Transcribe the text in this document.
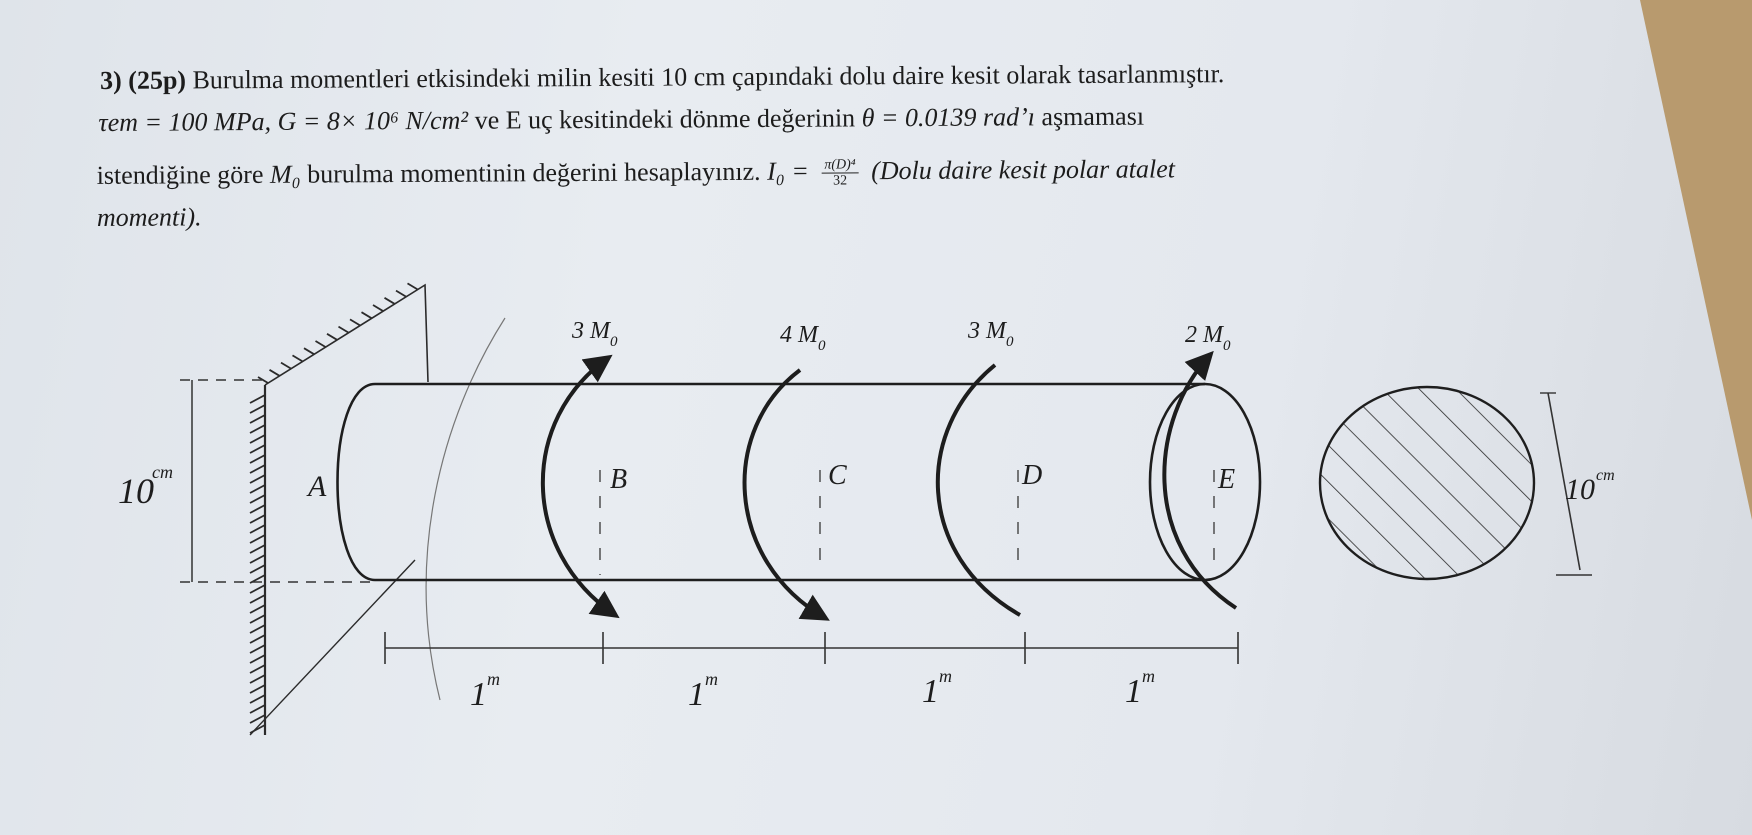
3) (25p) Burulma momentleri etkisindeki milin kesiti 10 cm çapındaki dolu daire kesit olarak tasarlanmıştır.
τem = 100 MPa, G = 8× 10⁶ N/cm² ve E uç kesitindeki dönme değerinin θ = 0.0139 rad’ı aşmaması
istendiğine göre M₀ burulma momentinin değerini hesaplayınız. $I_0 = \frac{\text{π(D)⁴}}{32}$ (Dolu daire kesit polar atalet
momenti).
10
cm	A	B	C	D	E
3 $M_0$	4 $M_0$
3 $M_0$	2 $M_0$
1$^m$	1$^m$	1$^m$	1$^m$
10 cm
